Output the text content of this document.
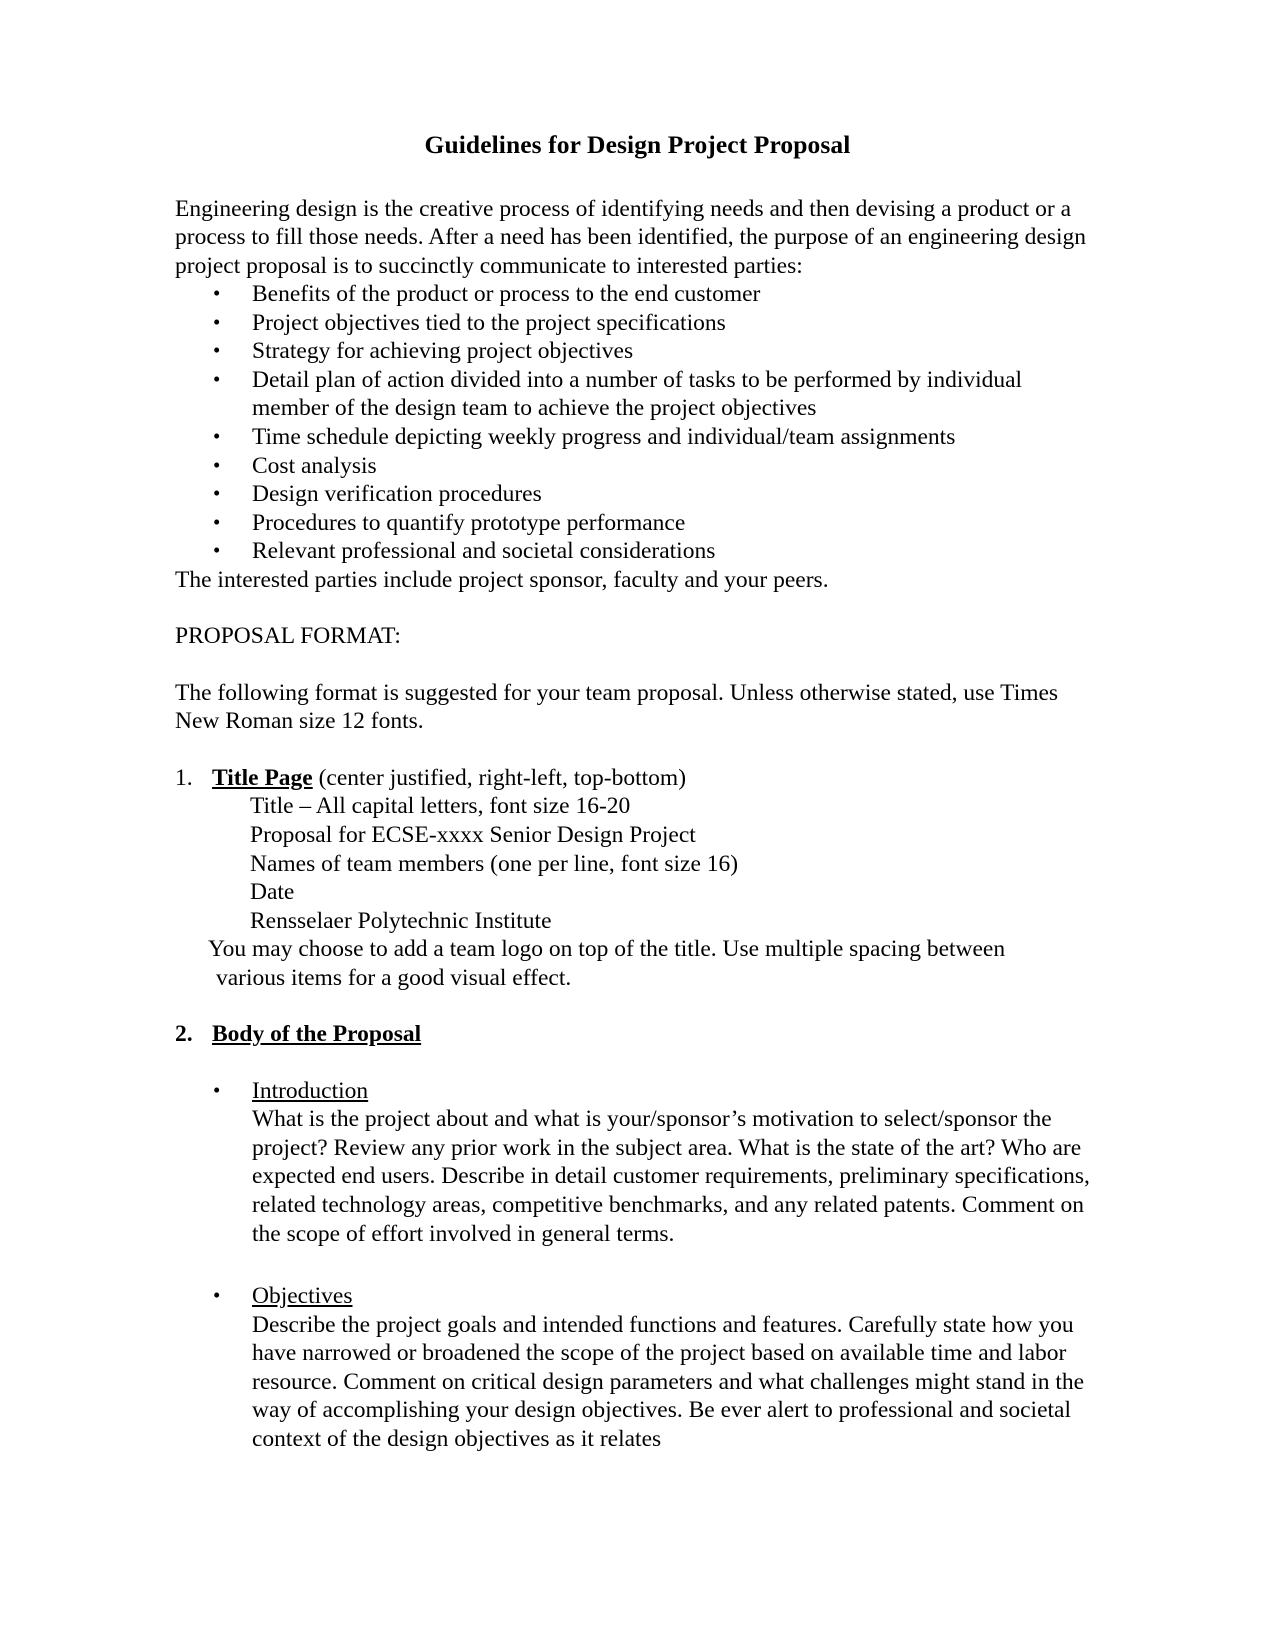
Guidelines for Design Project Proposal

Engineering design is the creative process of identifying needs and then devising a product or a process to fill those needs. After a need has been identified, the purpose of an engineering design project proposal is to succinctly communicate to interested parties:

• Benefits of the product or process to the end customer
• Project objectives tied to the project specifications
• Strategy for achieving project objectives
• Detail plan of action divided into a number of tasks to be performed by individual member of the design team to achieve the project objectives
• Time schedule depicting weekly progress and individual/team assignments
• Cost analysis
• Design verification procedures
• Procedures to quantify prototype performance
• Relevant professional and societal considerations

The interested parties include project sponsor, faculty and your peers.

PROPOSAL FORMAT:

The following format is suggested for your team proposal. Unless otherwise stated, use Times New Roman size 12 fonts.

1. Title Page (center justified, right-left, top-bottom)
Title – All capital letters, font size 16-20
Proposal for ECSE-xxxx Senior Design Project
Names of team members (one per line, font size 16)
Date
Rensselaer Polytechnic Institute
You may choose to add a team logo on top of the title. Use multiple spacing between
various items for a good visual effect.
2. Body of the Proposal
• Introduction
What is the project about and what is your/sponsor’s motivation to select/sponsor the project? Review any prior work in the subject area. What is the state of the art? Who are expected end users. Describe in detail customer requirements, preliminary specifications, related technology areas, competitive benchmarks, and any related patents. Comment on the scope of effort involved in general terms.
• Objectives
Describe the project goals and intended functions and features. Carefully state how you have narrowed or broadened the scope of the project based on available time and labor resource. Comment on critical design parameters and what challenges might stand in the way of accomplishing your design objectives. Be ever alert to professional and societal context of the design objectives as it relates
